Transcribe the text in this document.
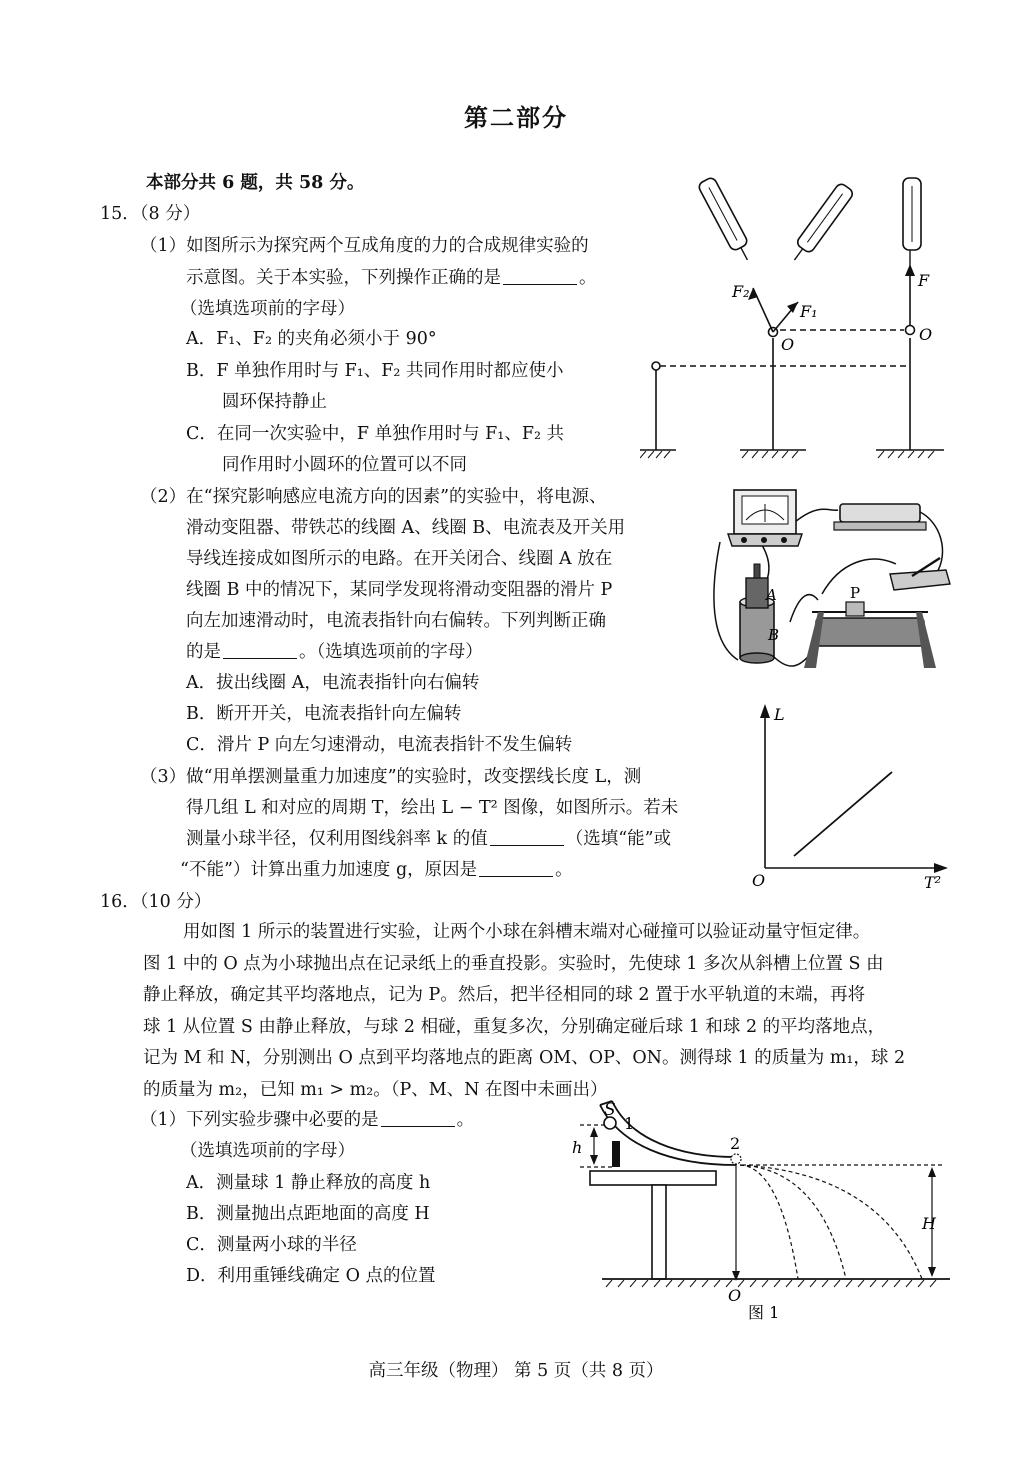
第二部分
本部分共 6 题，共 58 分。
15．（8 分）
（1）如图所示为探究两个互成角度的力的合成规律实验的
示意图。关于本实验，下列操作正确的是	。
（选填选项前的字母）
A．F₁、F₂ 的夹角必须小于 90°
B．F 单独作用时与 F₁、F₂ 共同作用时都应使小
圆环保持静止
C．在同一次实验中，F 单独作用时与 F₁、F₂ 共
同作用时小圆环的位置可以不同
（2）在“探究影响感应电流方向的因素”的实验中，将电源、
滑动变阻器、带铁芯的线圈 A、线圈 B、电流表及开关用
导线连接成如图所示的电路。在开关闭合、线圈 A 放在
线圈 B 中的情况下，某同学发现将滑动变阻器的滑片 P
向左加速滑动时，电流表指针向右偏转。下列判断正确
的是	。（选填选项前的字母）
A．拔出线圈 A，电流表指针向右偏转
B．断开开关，电流表指针向左偏转
C．滑片 P 向左匀速滑动，电流表指针不发生偏转
（3）做“用单摆测量重力加速度”的实验时，改变摆线长度 L，测
得几组 L 和对应的周期 T，绘出 L − T² 图像，如图所示。若未
测量小球半径，仅利用图线斜率 k 的值	（选填“能”或
“不能”）计算出重力加速度 g，原因是	。
16．（10 分）

用如图 1 所示的装置进行实验，让两个小球在斜槽末端对心碰撞可以验证动量守恒定律。

图 1 中的 O 点为小球抛出点在记录纸上的垂直投影。实验时，先使球 1 多次从斜槽上位置 S 由

静止释放，确定其平均落地点，记为 P。然后，把半径相同的球 2 置于水平轨道的末端，再将

球 1 从位置 S 由静止释放，与球 2 相碰，重复多次，分别确定碰后球 1 和球 2 的平均落地点，

记为 M 和 N，分别测出 O 点到平均落地点的距离 OM、OP、ON。测得球 1 的质量为 m₁，球 2

的质量为 m₂，已知 m₁ > m₂。（P、M、N 在图中未画出）

（1）下列实验步骤中必要的是	。
（选填选项前的字母）
A．测量球 1 静止释放的高度 h
B．测量抛出点距地面的高度 H
C．测量两小球的半径
D．利用重锤线确定 O 点的位置
高三年级（物理） 第 5 页（共 8 页）
F₂
F₁
F
O
O
A
B
P
L
O	T²
S
1
2
h
H
O
图 1
